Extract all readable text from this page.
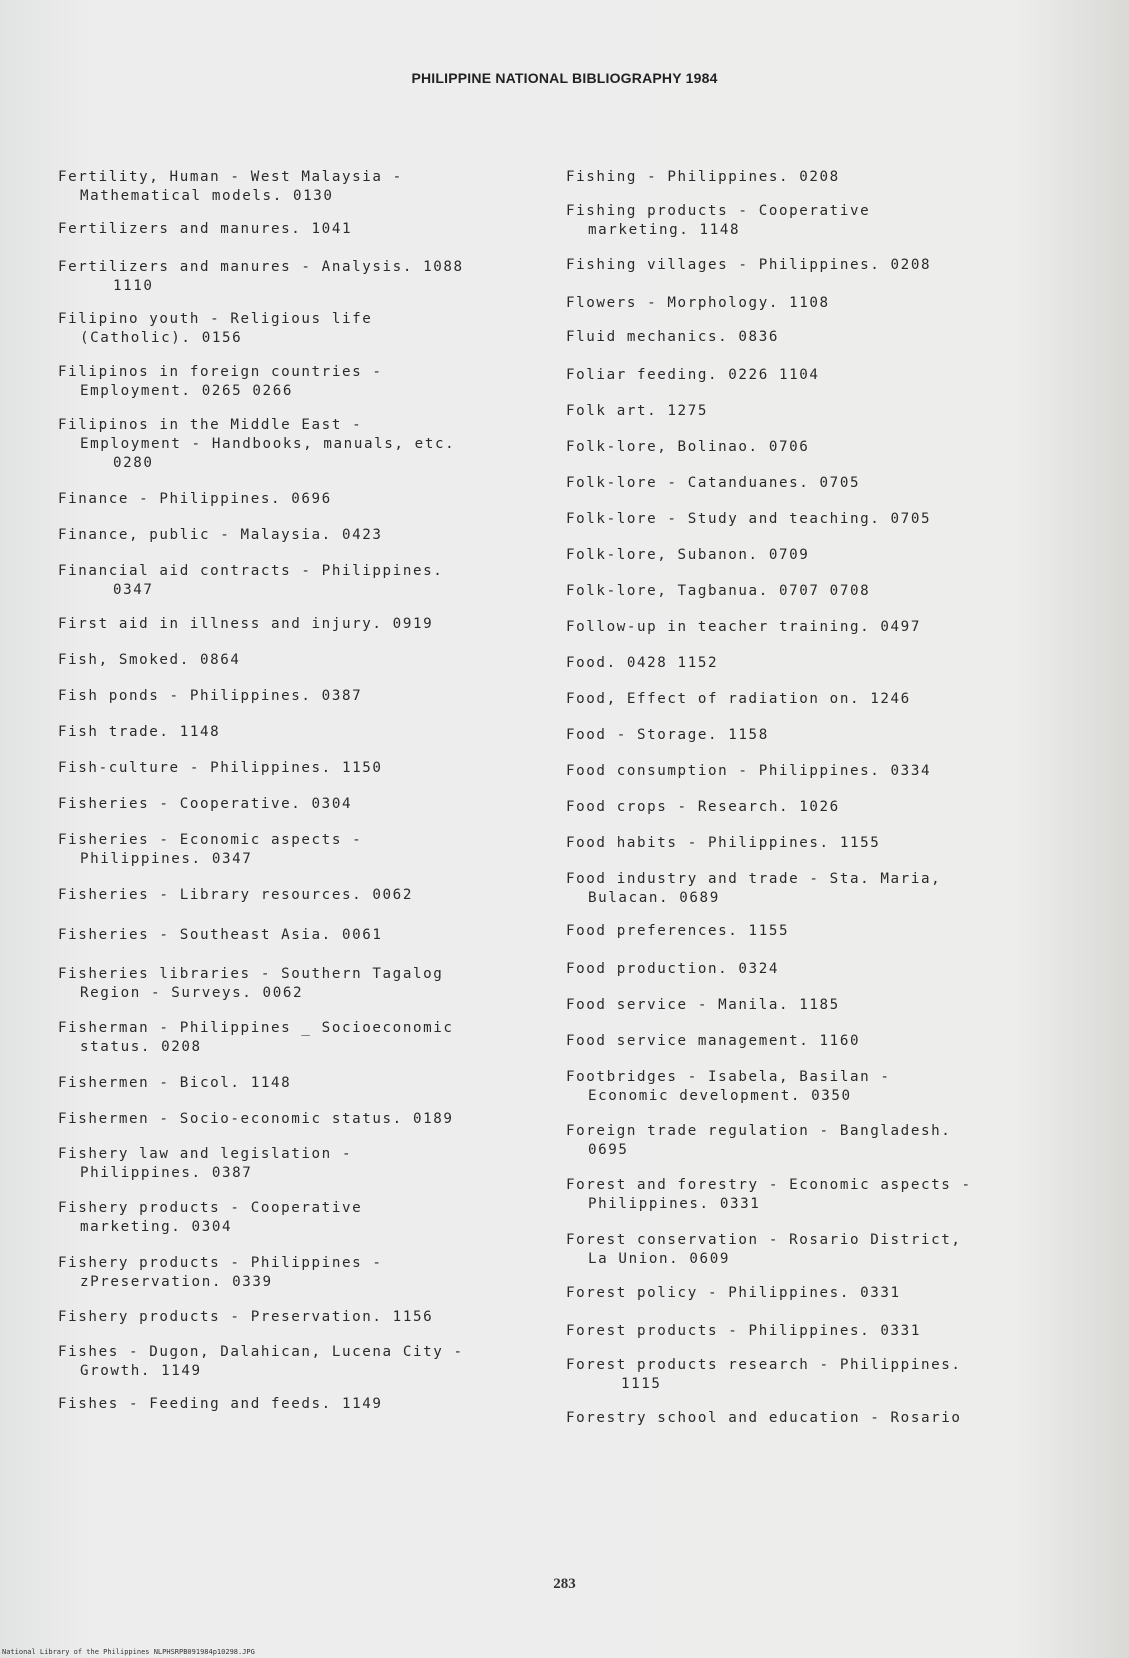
PHILIPPINE NATIONAL BIBLIOGRAPHY 1984
Fertility, Human - West Malaysia -
Mathematical models. 0130
Fertilizers and manures. 1041
Fertilizers and manures - Analysis. 1088
1110
Filipino youth - Religious life
(Catholic). 0156
Filipinos in foreign countries -
Employment. 0265 0266
Filipinos in the Middle East -
Employment - Handbooks, manuals, etc.
0280
Finance - Philippines. 0696
Finance, public - Malaysia. 0423
Financial aid contracts - Philippines.
0347
First aid in illness and injury. 0919
Fish, Smoked. 0864
Fish ponds - Philippines. 0387
Fish trade. 1148
Fish-culture - Philippines. 1150
Fisheries - Cooperative. 0304
Fisheries - Economic aspects -
Philippines. 0347
Fisheries - Library resources. 0062
Fisheries - Southeast Asia. 0061
Fisheries libraries - Southern Tagalog
Region - Surveys. 0062
Fisherman - Philippines _ Socioeconomic
status. 0208
Fishermen - Bicol. 1148
Fishermen - Socio-economic status. 0189
Fishery law and legislation -
Philippines. 0387
Fishery products - Cooperative
marketing. 0304
Fishery products - Philippines -
zPreservation. 0339
Fishery products - Preservation. 1156
Fishes - Dugon, Dalahican, Lucena City -
Growth. 1149
Fishes - Feeding and feeds. 1149
Fishing - Philippines. 0208
Fishing products - Cooperative
marketing. 1148
Fishing villages - Philippines. 0208
Flowers - Morphology. 1108
Fluid mechanics. 0836
Foliar feeding. 0226 1104
Folk art. 1275
Folk-lore, Bolinao. 0706
Folk-lore - Catanduanes. 0705
Folk-lore - Study and teaching. 0705
Folk-lore, Subanon. 0709
Folk-lore, Tagbanua. 0707 0708
Follow-up in teacher training. 0497
Food. 0428 1152
Food, Effect of radiation on. 1246
Food - Storage. 1158
Food consumption - Philippines. 0334
Food crops - Research. 1026
Food habits - Philippines. 1155
Food industry and trade - Sta. Maria,
Bulacan. 0689
Food preferences. 1155
Food production. 0324
Food service - Manila. 1185
Food service management. 1160
Footbridges - Isabela, Basilan -
Economic development. 0350
Foreign trade regulation - Bangladesh.
0695
Forest and forestry - Economic aspects -
Philippines. 0331
Forest conservation - Rosario District,
La Union. 0609
Forest policy - Philippines. 0331
Forest products - Philippines. 0331
Forest products research - Philippines.
1115
Forestry school and education - Rosario
283
National Library of the Philippines NLPHSRPB091984p10298.JPG
